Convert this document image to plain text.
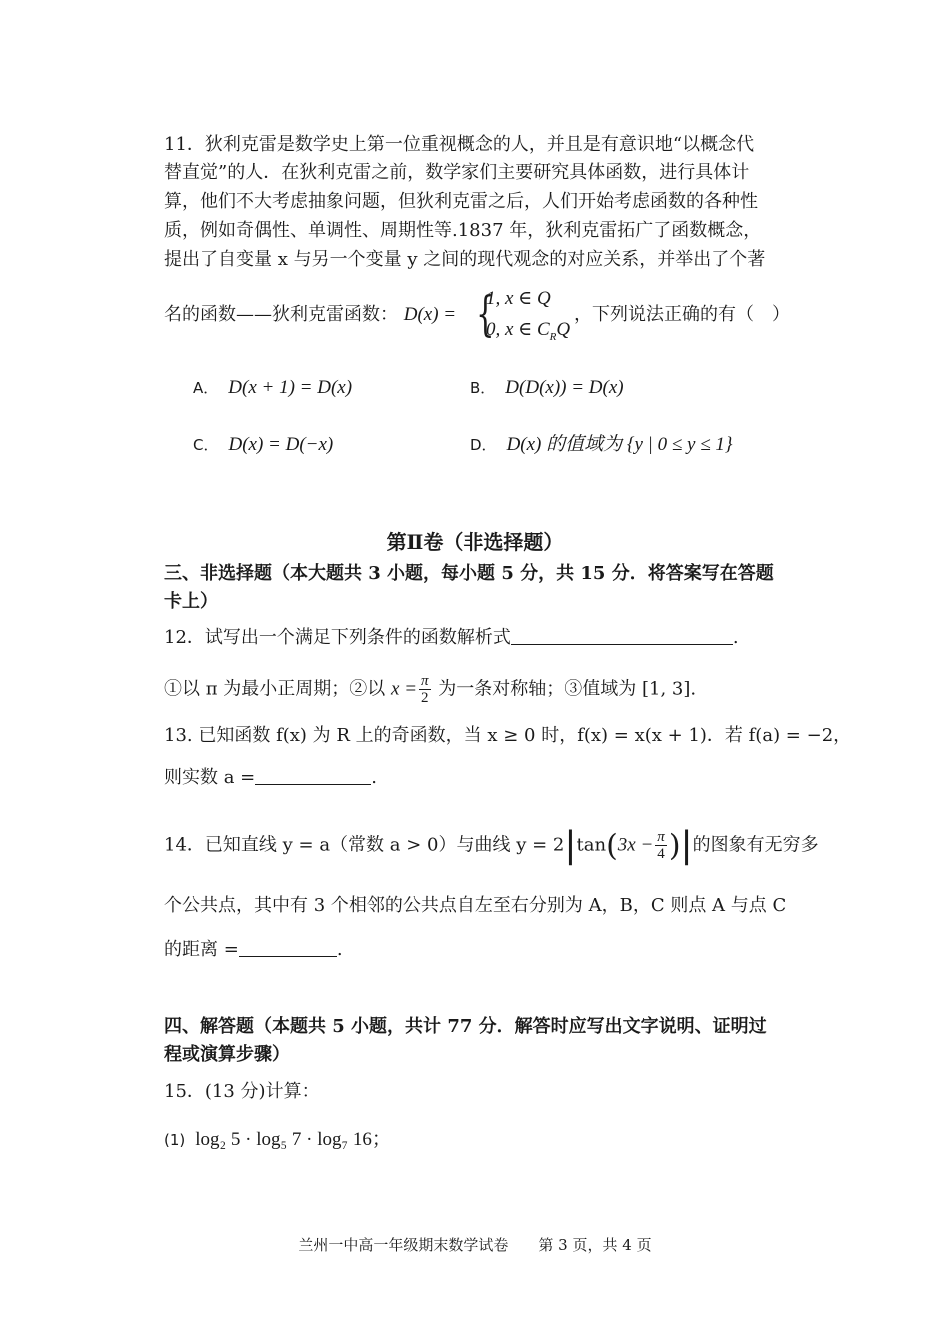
11．狄利克雷是数学史上第一位重视概念的人，并且是有意识地“以概念代
替直觉”的人．在狄利克雷之前，数学家们主要研究具体函数，进行具体计
算，他们不大考虑抽象问题，但狄利克雷之后，人们开始考虑函数的各种性
质，例如奇偶性、单调性、周期性等.1837 年，狄利克雷拓广了函数概念，
提出了自变量 x 与另一个变量 y 之间的现代观念的对应关系，并举出了个著
名的函数——狄利克雷函数： D(x) = {
1, x ∈ Q
0, x ∈ $C_RQ$
，下列说法正确的有（　）
A． D(x + 1) = D(x)	B． D(D(x)) = D(x)
C． D(x) = D(−x)	D． D(x) 的值域为 {y | 0 ≤ y ≤ 1}
第Ⅱ卷（非选择题）
三、非选择题（本大题共 3 小题，每小题 5 分，共 15 分．将答案写在答题
卡上）
12．试写出一个满足下列条件的函数解析式	.
①以 π 为最小正周期；②以 $x = \frac{\pi}{2}$ 为一条对称轴；③值域为 [1, 3].
13. 已知函数 f(x) 为 R 上的奇函数，当 x ≥ 0 时，f(x) = x(x + 1)．若 f(a) = −2，
则实数 a =	.
14．已知直线 y = a（常数 a > 0）与曲线 $y = 2|\tan(3x - \frac{\pi}{4}$ )|的图象有无穷多
个公共点，其中有 3 个相邻的公共点自左至右分别为 A，B，C 则点 A 与点 C
的距离 =	.
四、解答题（本题共 5 小题，共计 77 分．解答时应写出文字说明、证明过
程或演算步骤）
15．(13 分)计算：
(1) log₂ 5 · log₅ 7 · log₇ 16；
兰州一中高一年级期末数学试卷　　第 3 页，共 4 页
